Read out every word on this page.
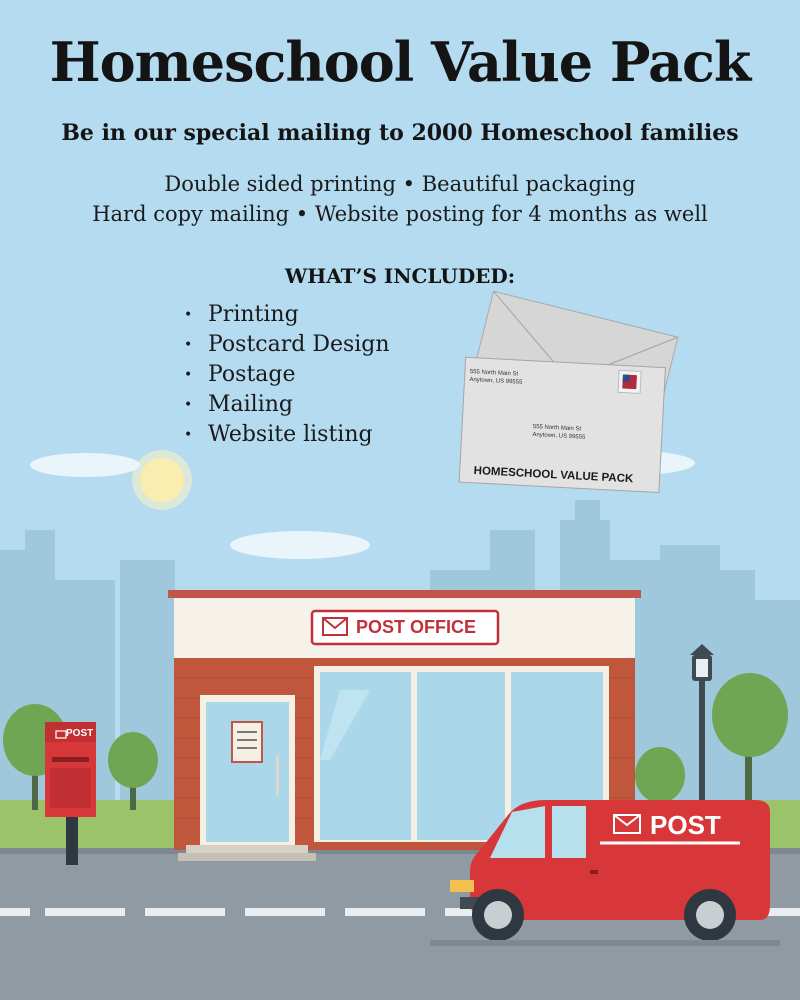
Homeschool Value Pack
Be in our special mailing to 2000 Homeschool families
Double sided printing • Beautiful packaging
Hard copy mailing • Website posting for 4 months as well
WHAT’S INCLUDED:
• Printing
• Postcard Design
• Postage
• Mailing
• Website listing
555 North Main St
Anytown, US 99555
555 North Main St
Anytown, US 99555
HOMESCHOOL VALUE PACK
POST OFFICE
POST
POST
